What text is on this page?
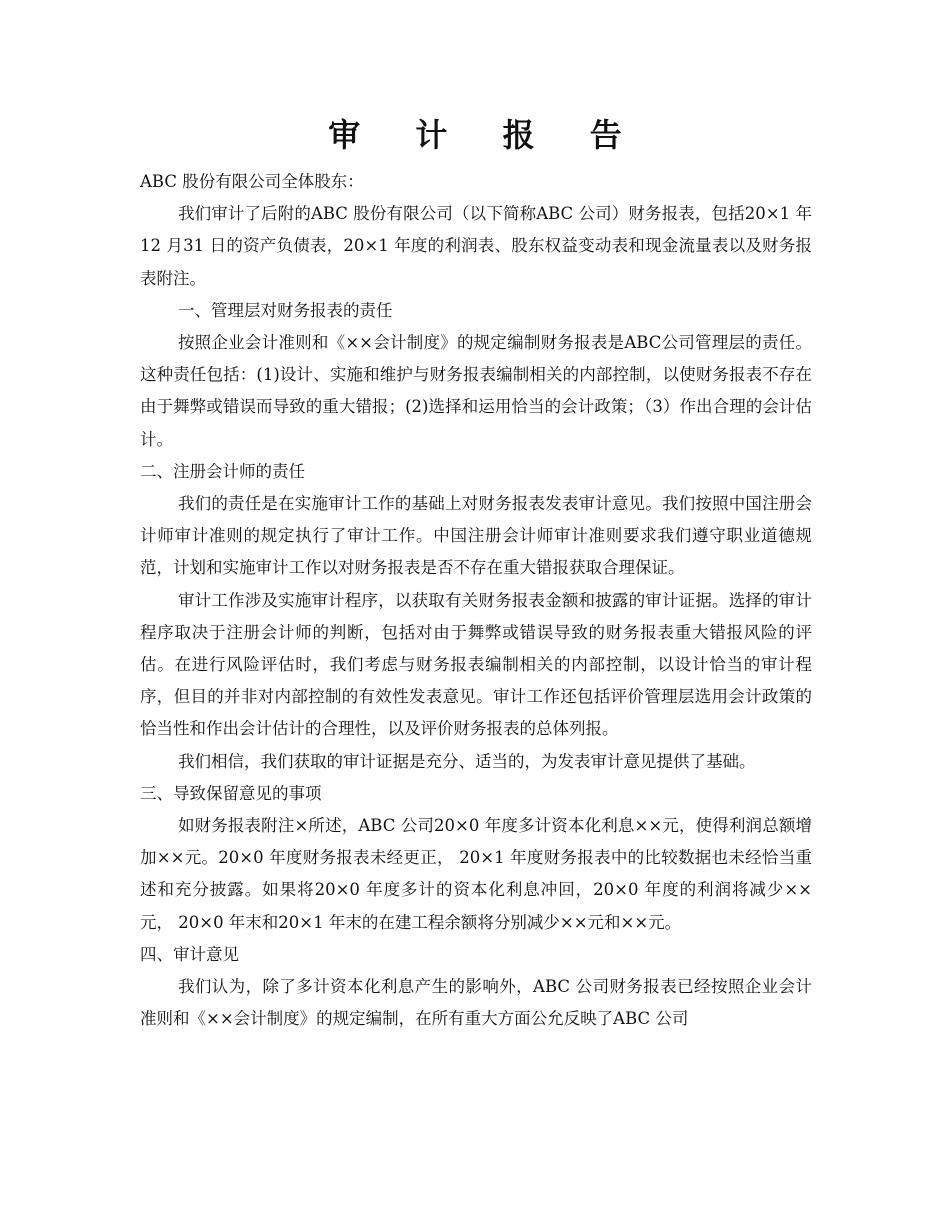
审 计 报 告

ABC 股份有限公司全体股东：

我们审计了后附的ABC 股份有限公司（以下简称ABC 公司）财务报表，包括20×1 年12 月31 日的资产负债表，20×1 年度的利润表、股东权益变动表和现金流量表以及财务报表附注。

一、管理层对财务报表的责任

按照企业会计准则和《××会计制度》的规定编制财务报表是ABC公司管理层的责任。这种责任包括：(1)设计、实施和维护与财务报表编制相关的内部控制，以使财务报表不存在由于舞弊或错误而导致的重大错报；(2)选择和运用恰当的会计政策；（3）作出合理的会计估计。

二、注册会计师的责任

我们的责任是在实施审计工作的基础上对财务报表发表审计意见。我们按照中国注册会计师审计准则的规定执行了审计工作。中国注册会计师审计准则要求我们遵守职业道德规范，计划和实施审计工作以对财务报表是否不存在重大错报获取合理保证。

审计工作涉及实施审计程序，以获取有关财务报表金额和披露的审计证据。选择的审计程序取决于注册会计师的判断，包括对由于舞弊或错误导致的财务报表重大错报风险的评估。在进行风险评估时，我们考虑与财务报表编制相关的内部控制，以设计恰当的审计程序，但目的并非对内部控制的有效性发表意见。审计工作还包括评价管理层选用会计政策的恰当性和作出会计估计的合理性，以及评价财务报表的总体列报。

我们相信，我们获取的审计证据是充分、适当的，为发表审计意见提供了基础。

三、导致保留意见的事项

如财务报表附注×所述，ABC 公司20×0 年度多计资本化利息××元，使得利润总额增加××元。20×0 年度财务报表未经更正， 20×1 年度财务报表中的比较数据也未经恰当重述和充分披露。如果将20×0 年度多计的资本化利息冲回，20×0 年度的利润将减少××元， 20×0 年末和20×1 年末的在建工程余额将分别减少××元和××元。

四、审计意见

我们认为，除了多计资本化利息产生的影响外，ABC 公司财务报表已经按照企业会计准则和《××会计制度》的规定编制，在所有重大方面公允反映了ABC 公司
